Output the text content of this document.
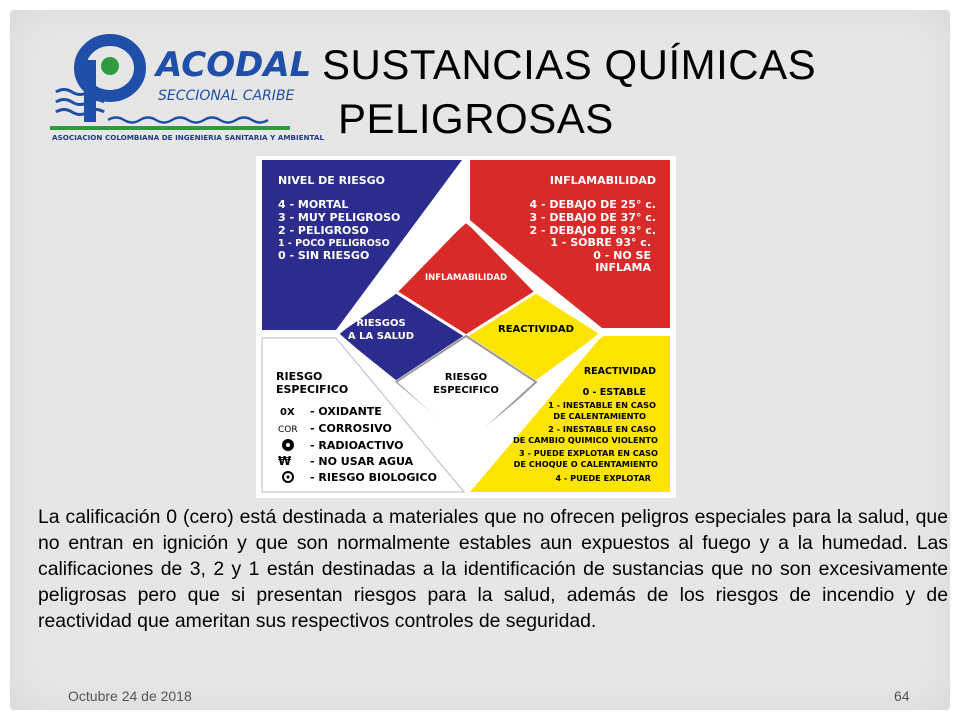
ACODAL
SECCIONAL CARIBE
ASOCIACION COLOMBIANA DE INGENIERIA SANITARIA Y AMBIENTAL
SUSTANCIAS QUÍMICAS
PELIGROSAS
NIVEL DE RIESGO
4 - MORTAL
3 - MUY PELIGROSO
2 - PELIGROSO
1 - POCO PELIGROSO
0 - SIN RIESGO
INFLAMABILIDAD
4 - DEBAJO DE 25° c.
3 - DEBAJO DE 37° c.
2 - DEBAJO DE 93° c.
1 - SOBRE 93° c.
0 - NO SE
INFLAMA
INFLAMABILIDAD
RIESGOS
A LA SALUD
REACTIVIDAD
RIESGO
ESPECIFICO
RIESGO
ESPECIFICO
0X - OXIDANTE
COR - CORROSIVO
- RADIOACTIVO
₩ - NO USAR AGUA
- RIESGO BIOLOGICO
REACTIVIDAD
0 - ESTABLE
1 - INESTABLE EN CASO
DE CALENTAMIENTO
2 - INESTABLE EN CASO
DE CAMBIO QUIMICO VIOLENTO
3 - PUEDE EXPLOTAR EN CASO
DE CHOQUE O CALENTAMIENTO
4 - PUEDE EXPLOTAR
La calificación 0 (cero) está destinada a materiales que no ofrecen peligros especiales para la salud, que no entran en ignición y que son normalmente estables aun expuestos al fuego y a la humedad. Las calificaciones de 3, 2 y 1 están destinadas a la identificación de sustancias que no son excesivamente peligrosas pero que si presentan riesgos para la salud, además de los riesgos de incendio y de reactividad que ameritan sus respectivos controles de seguridad.
Octubre 24 de 2018	64
